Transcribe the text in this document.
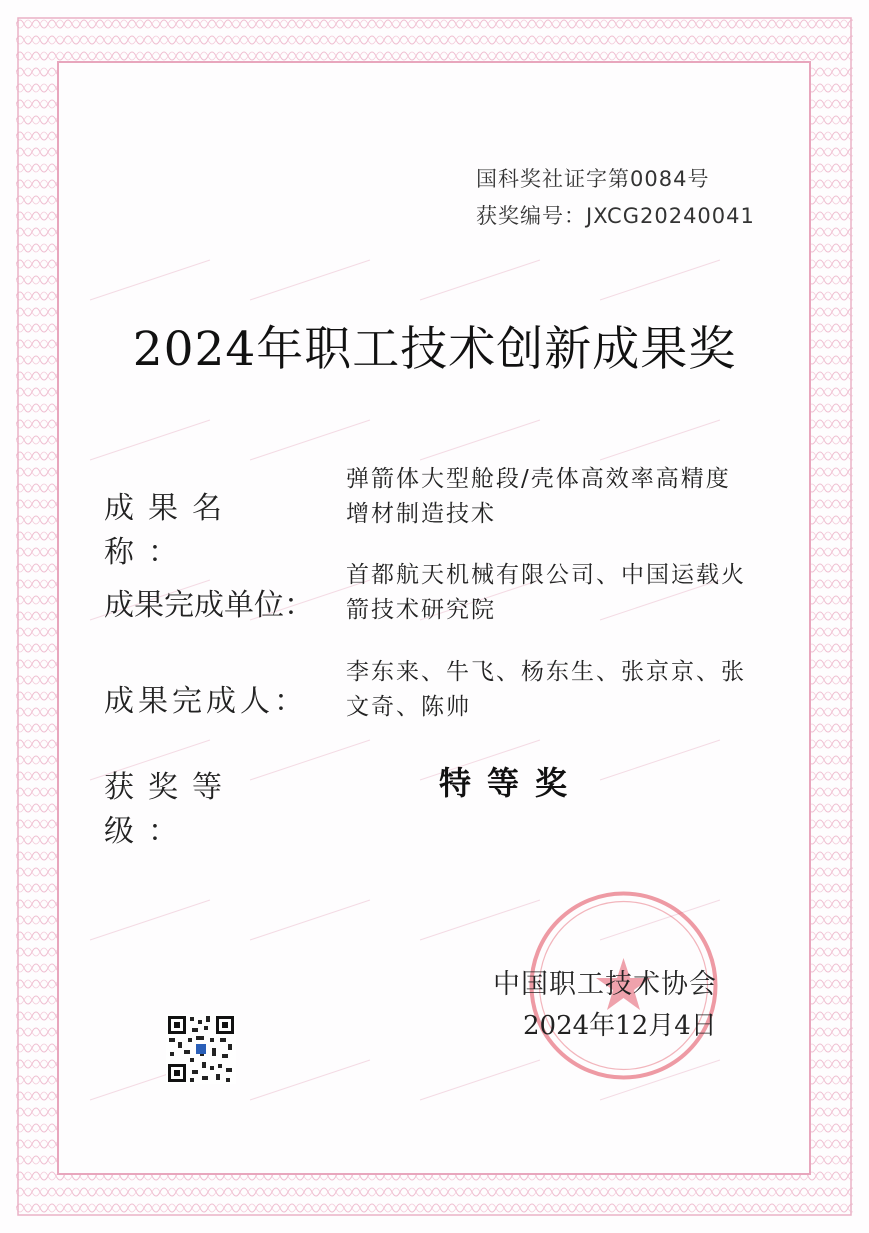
国科奖社证字第0084号
获奖编号：JXCG20240041
2024年职工技术创新成果奖
成果名称：
弹箭体大型舱段/壳体高效率高精度
增材制造技术
成果完成单位：
首都航天机械有限公司、中国运载火
箭技术研究院
成果完成人：
李东来、牛飞、杨东生、张京京、张
文奇、陈帅
获奖等级：
特等奖
中国职工技术协会
2024年12月4日
